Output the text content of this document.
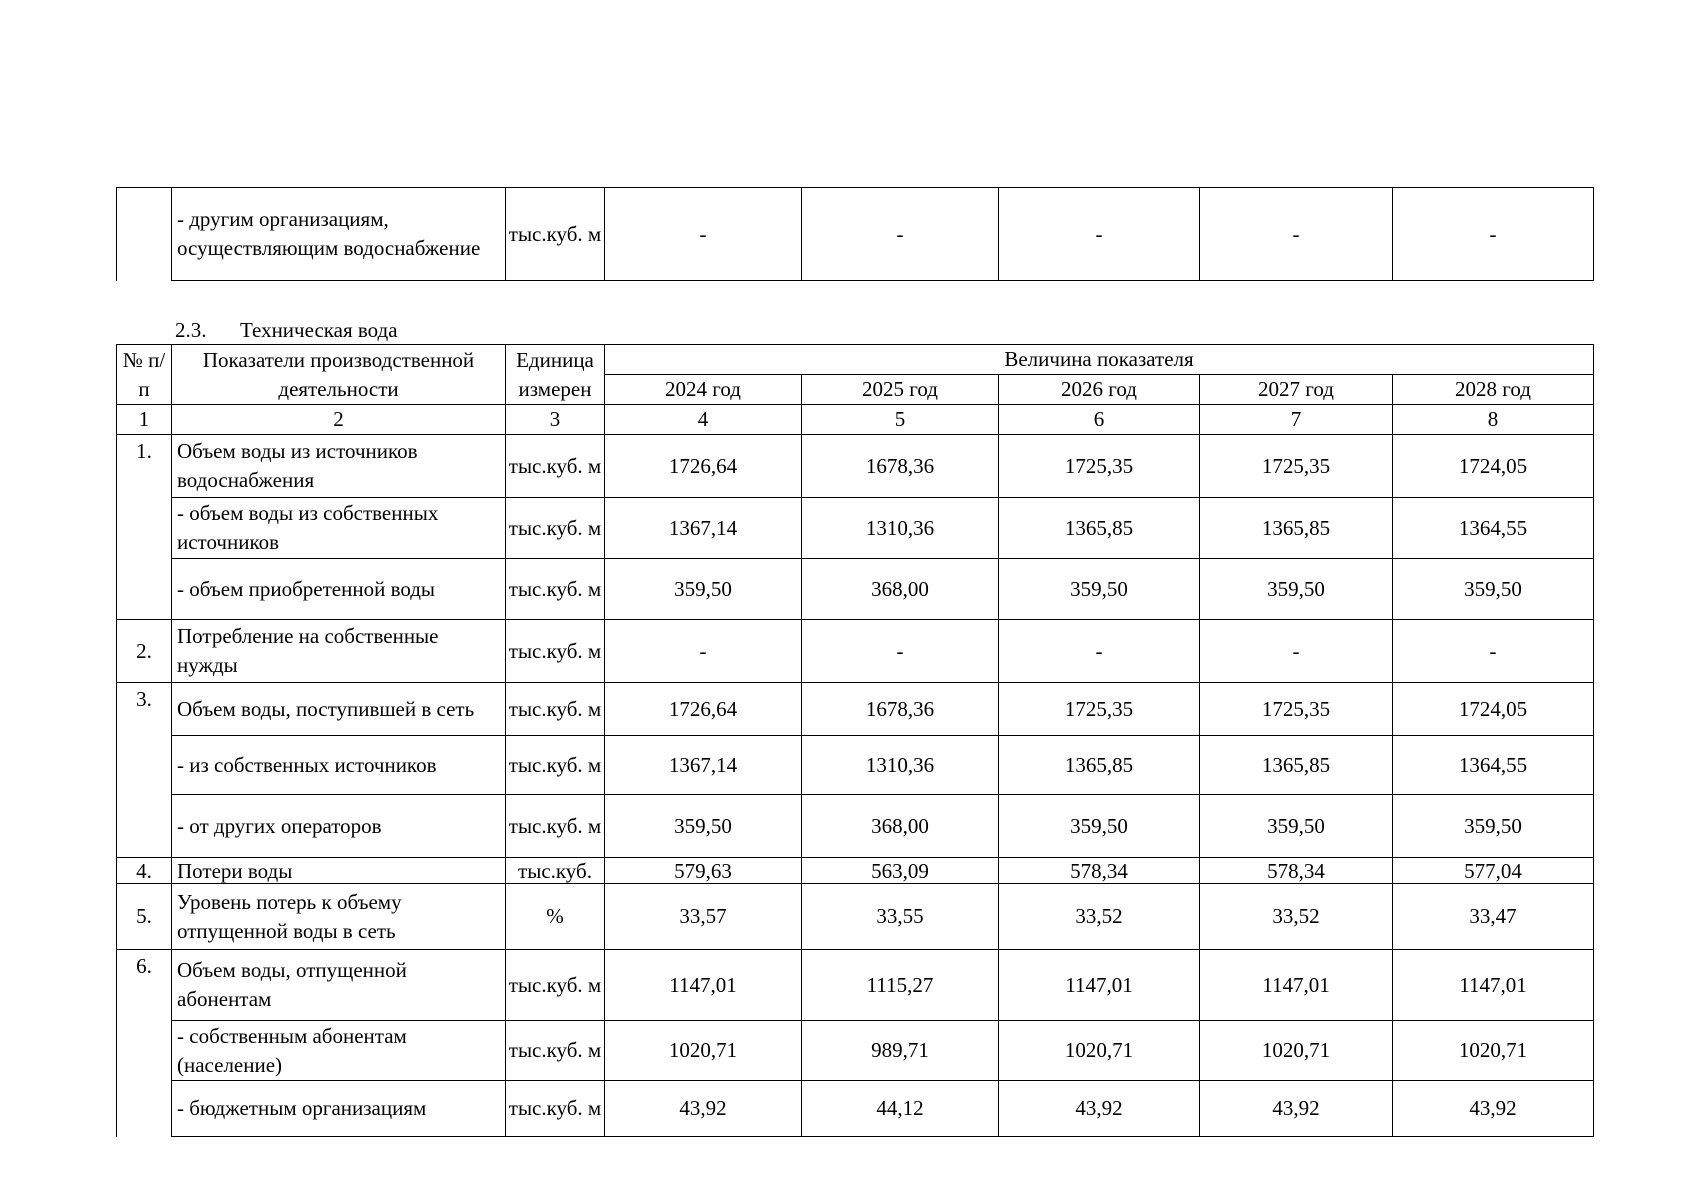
	- другим организациям, осуществляющим водоснабжение	тыс.куб. м	-	-	-	-	-
2.3. Техническая вода
№ п/п	Показатели производственной деятельности	Единица измерен	Величина показателя				
			2024 год	2025 год	2026 год	2027 год	2028 год
1	2	3	4	5	6	7	8
1.	Объем воды из источников водоснабжения	тыс.куб. м	1726,64	1678,36	1725,35	1725,35	1724,05
	- объем воды из собственных источников	тыс.куб. м	1367,14	1310,36	1365,85	1365,85	1364,55
	- объем приобретенной воды	тыс.куб. м	359,50	368,00	359,50	359,50	359,50
2.	Потребление на собственные нужды	тыс.куб. м	-	-	-	-	-
3.	Объем воды, поступившей в сеть	тыс.куб. м	1726,64	1678,36	1725,35	1725,35	1724,05
	- из собственных источников	тыс.куб. м	1367,14	1310,36	1365,85	1365,85	1364,55
	- от других операторов	тыс.куб. м	359,50	368,00	359,50	359,50	359,50
4.	Потери воды	тыс.куб.	579,63	563,09	578,34	578,34	577,04
5.	Уровень потерь к объему отпущенной воды в сеть	%	33,57	33,55	33,52	33,52	33,47
6.	Объем воды, отпущенной абонентам	тыс.куб. м	1147,01	1115,27	1147,01	1147,01	1147,01
	- собственным абонентам (население)	тыс.куб. м	1020,71	989,71	1020,71	1020,71	1020,71
	- бюджетным организациям	тыс.куб. м	43,92	44,12	43,92	43,92	43,92
